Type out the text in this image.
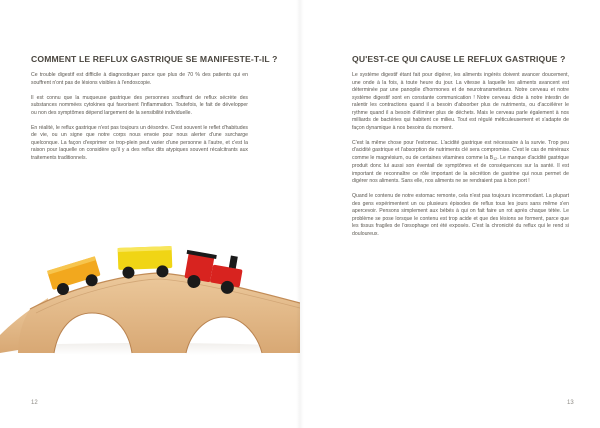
COMMENT LE REFLUX GASTRIQUE SE MANIFESTE-T-IL ?

Ce trouble digestif est difficile à diagnostiquer parce que plus de 70 % des patients qui en souffrent n'ont pas de lésions visibles à l'endoscopie.

Il est connu que la muqueuse gastrique des personnes souffrant de reflux sécrète des substances nommées cytokines qui favorisent l'inflammation. Toutefois, le fait de développer ou non des symptômes dépend largement de la sensibilité individuelle.

En réalité, le reflux gastrique n'est pas toujours un désordre. C'est souvent le reflet d'habitudes de vie, ou un signe que notre corps nous envoie pour nous alerter d'une surcharge quelconque. La façon d'exprimer ce trop-plein peut varier d'une personne à l'autre, et c'est la raison pour laquelle on considère qu'il y a des reflux dits atypiques souvent récalcitrants aux traitements traditionnels.

12
QU'EST-CE QUI CAUSE LE REFLUX GASTRIQUE ?

Le système digestif étant fait pour digérer, les aliments ingérés doivent avancer doucement, une onde à la fois, à toute heure du jour. La vitesse à laquelle les aliments avancent est déterminée par une panoplie d'hormones et de neurotransmetteurs. Notre cerveau et notre système digestif sont en constante communication ! Notre cerveau dicte à notre intestin de ralentir les contractions quand il a besoin d'absorber plus de nutriments, ou d'accélérer le rythme quand il a besoin d'éliminer plus de déchets. Mais le cerveau parle également à nos milliards de bactéries qui habitent ce milieu. Tout est régulé méticuleusement et s'adapte de façon dynamique à nos besoins du moment.

C'est la même chose pour l'estomac. L'acidité gastrique est nécessaire à la survie. Trop peu d'acidité gastrique et l'absorption de nutriments clé sera compromise. C'est le cas de minéraux comme le magnésium, ou de certaines vitamines comme la $B_{12}$. Le manque d'acidité gastrique produit donc lui aussi son éventail de symptômes et de conséquences sur la santé. Il est important de reconnaître ce rôle important de la sécrétion de gastrine qui nous permet de digérer nos aliments. Sans elle, nos aliments ne se rendraient pas à bon port !

Quand le contenu de notre estomac remonte, cela n'est pas toujours incommodant. La plupart des gens expérimentent un ou plusieurs épisodes de reflux tous les jours sans même s'en apercevoir. Pensons simplement aux bébés à qui on fait faire un rot après chaque tétée. Le problème se pose lorsque le contenu est trop acide et que des lésions se forment, parce que les tissus fragiles de l'œsophage ont été exposés. C'est la chronicité du reflux qui le rend si douloureux.

13
